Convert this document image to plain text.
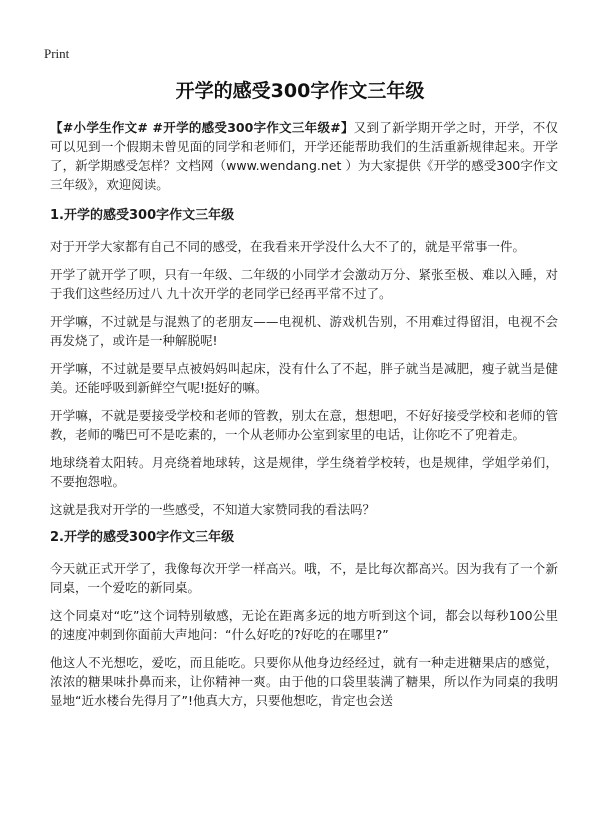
Print
开学的感受300字作文三年级

【#小学生作文# #开学的感受300字作文三年级#】又到了新学期开学之时，开学，不仅可以见到一个假期未曾见面的同学和老师们，开学还能帮助我们的生活重新规律起来。开学了，新学期感受怎样？文档网（www.wendang.net ）为大家提供《开学的感受300字作文三年级》，欢迎阅读。

1.开学的感受300字作文三年级

对于开学大家都有自己不同的感受，在我看来开学没什么大不了的，就是平常事一件。

开学了就开学了呗，只有一年级、二年级的小同学才会激动万分、紧张至极、难以入睡，对于我们这些经历过八 九十次开学的老同学已经再平常不过了。

开学嘛，不过就是与混熟了的老朋友——电视机、游戏机告别，不用难过得留泪，电视不会再发烧了，或许是一种解脱呢!

开学嘛，不过就是要早点被妈妈叫起床，没有什么了不起，胖子就当是减肥，瘦子就当是健美。还能呼吸到新鲜空气呢!挺好的嘛。

开学嘛，不就是要接受学校和老师的管教，别太在意，想想吧，不好好接受学校和老师的管教，老师的嘴巴可不是吃素的，一个从老师办公室到家里的电话，让你吃不了兜着走。

地球绕着太阳转。月亮绕着地球转，这是规律，学生绕着学校转，也是规律，学姐学弟们，不要抱怨啦。

这就是我对开学的一些感受，不知道大家赞同我的看法吗？

2.开学的感受300字作文三年级

今天就正式开学了，我像每次开学一样高兴。哦，不，是比每次都高兴。因为我有了一个新同桌，一个爱吃的新同桌。

这个同桌对“吃”这个词特别敏感，无论在距离多远的地方听到这个词，都会以每秒100公里的速度冲刺到你面前大声地问：“什么好吃的?好吃的在哪里?”

他这人不光想吃，爱吃，而且能吃。只要你从他身边经经过，就有一种走进糖果店的感觉，浓浓的糖果味扑鼻而来，让你精神一爽。由于他的口袋里装满了糖果，所以作为同桌的我明显地“近水楼台先得月了”!他真大方，只要他想吃，肯定也会送
